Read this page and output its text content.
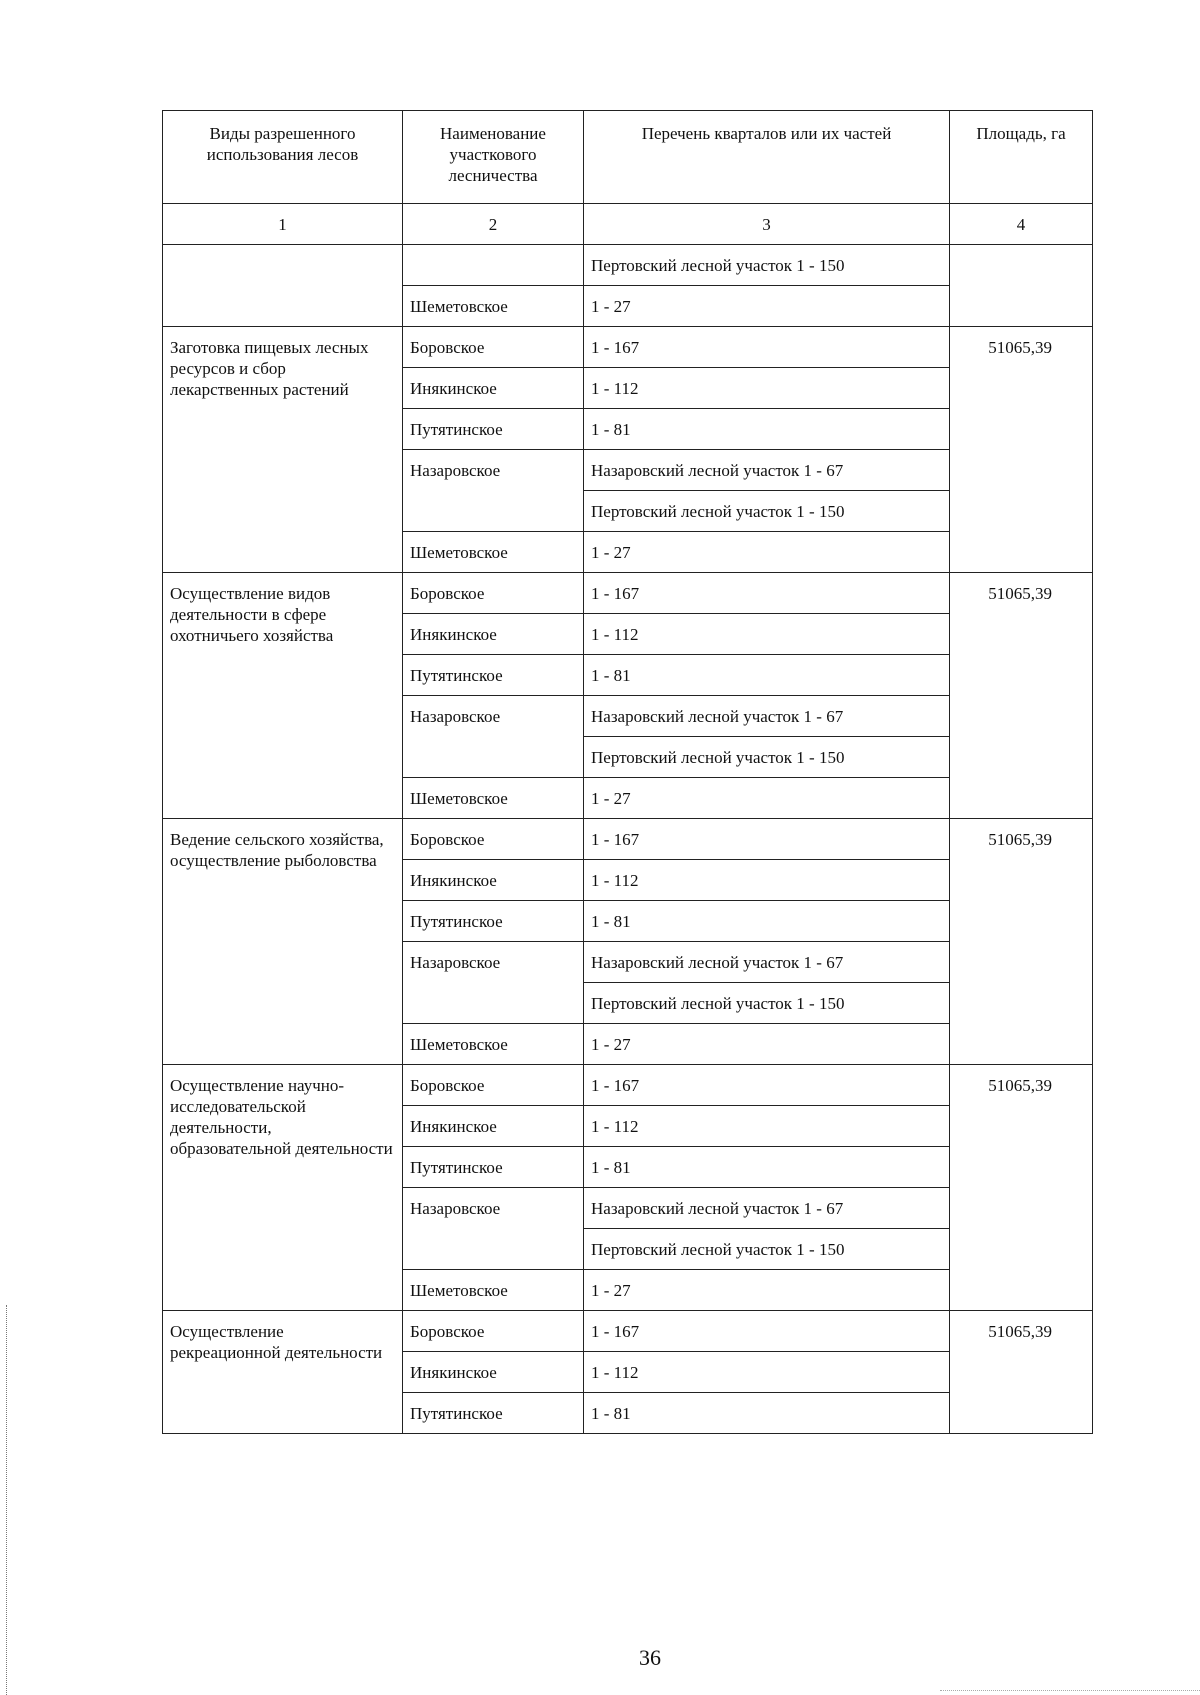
Виды разрешенного использования лесов	Наименование участкового лесничества	Перечень кварталов или их частей	Площадь, га
1	2	3	4
		Пертовский лесной участок 1 - 150	
	Шеметовское	1 - 27	
Заготовка пищевых лесных ресурсов и сбор лекарственных растений	Боровское	1 - 167	51065,39
	Инякинское	1 - 112	
	Путятинское	1 - 81	
	Назаровское	Назаровский лесной участок 1 - 67	
		Пертовский лесной участок 1 - 150	
	Шеметовское	1 - 27	
Осуществление видов деятельности в сфере охотничьего хозяйства	Боровское	1 - 167	51065,39
	Инякинское	1 - 112	
	Путятинское	1 - 81	
	Назаровское	Назаровский лесной участок 1 - 67	
		Пертовский лесной участок 1 - 150	
	Шеметовское	1 - 27	
Ведение сельского хозяйства, осуществление рыболовства	Боровское	1 - 167	51065,39
	Инякинское	1 - 112	
	Путятинское	1 - 81	
	Назаровское	Назаровский лесной участок 1 - 67	
		Пертовский лесной участок 1 - 150	
	Шеметовское	1 - 27	
Осуществление научно-исследовательской деятельности, образовательной деятельности	Боровское	1 - 167	51065,39
	Инякинское	1 - 112	
	Путятинское	1 - 81	
	Назаровское	Назаровский лесной участок 1 - 67	
		Пертовский лесной участок 1 - 150	
	Шеметовское	1 - 27	
Осуществление рекреационной деятельности	Боровское	1 - 167	51065,39
	Инякинское	1 - 112	
	Путятинское	1 - 81	
36
